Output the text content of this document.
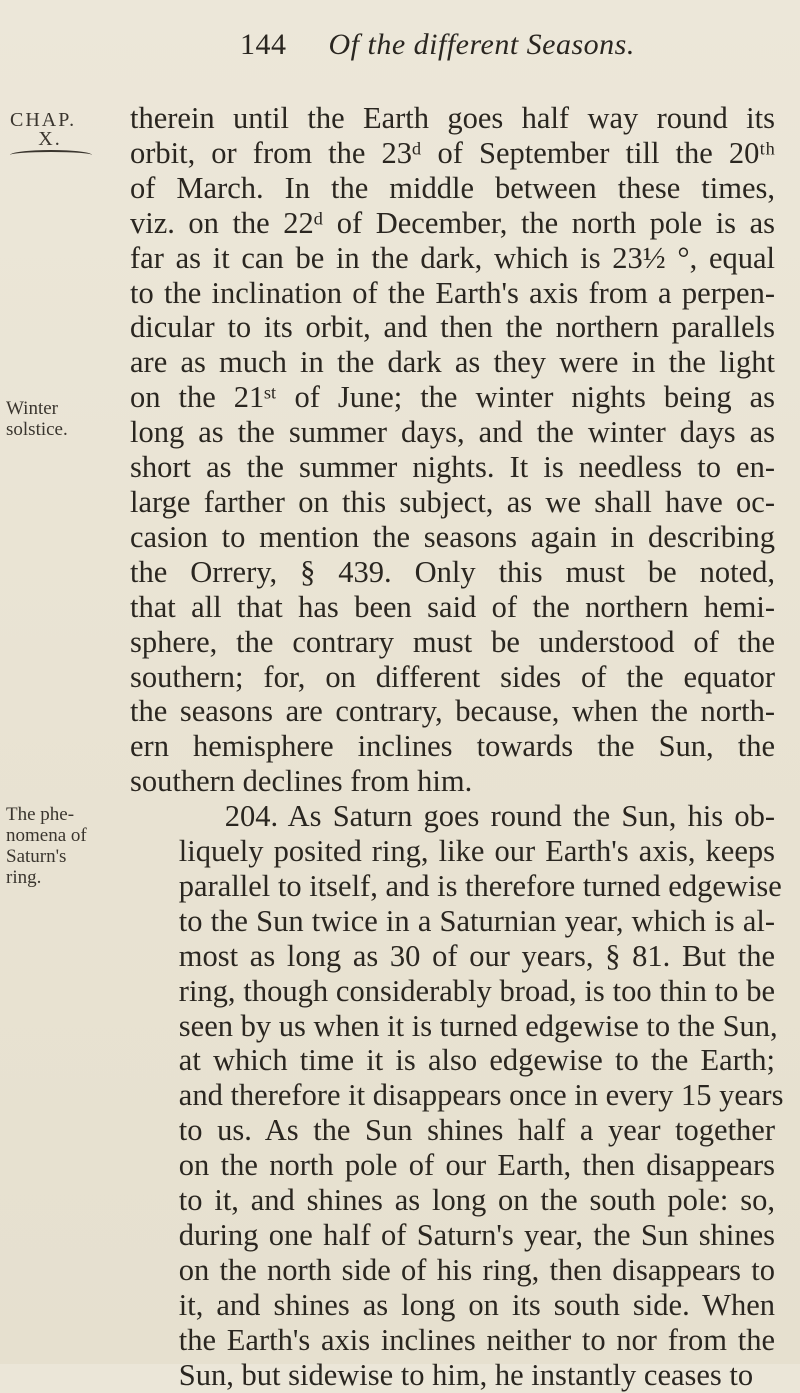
144 Of the different Seasons.
CHAP.
X.
Winter
solstice.
The phe-
nomena of
Saturn's
ring.

therein until the Earth goes half way round its
orbit, or from the 23ᵈ of September till the 20ᵗʰ
of March. In the middle between these times,
viz. on the 22ᵈ of December, the north pole is as
far as it can be in the dark, which is 23½ °, equal
to the inclination of the Earth's axis from a perpen-
dicular to its orbit, and then the northern parallels
are as much in the dark as they were in the light
on the 21ˢᵗ of June; the winter nights being as
long as the summer days, and the winter days as
short as the summer nights. It is needless to en-
large farther on this subject, as we shall have oc-
casion to mention the seasons again in describing
the Orrery, § 439. Only this must be noted,
that all that has been said of the northern hemi-
sphere, the contrary must be understood of the
southern; for, on different sides of the equator
the seasons are contrary, because, when the north-
ern hemisphere inclines towards the Sun, the
southern declines from him.

204. As Saturn goes round the Sun, his ob-
liquely posited ring, like our Earth's axis, keeps
parallel to itself, and is therefore turned edgewise
to the Sun twice in a Saturnian year, which is al-
most as long as 30 of our years, § 81. But the
ring, though considerably broad, is too thin to be
seen by us when it is turned edgewise to the Sun,
at which time it is also edgewise to the Earth;
and therefore it disappears once in every 15 years
to us. As the Sun shines half a year together
on the north pole of our Earth, then disappears
to it, and shines as long on the south pole: so,
during one half of Saturn's year, the Sun shines
on the north side of his ring, then disappears to
it, and shines as long on its south side. When
the Earth's axis inclines neither to nor from the
Sun, but sidewise to him, he instantly ceases to
